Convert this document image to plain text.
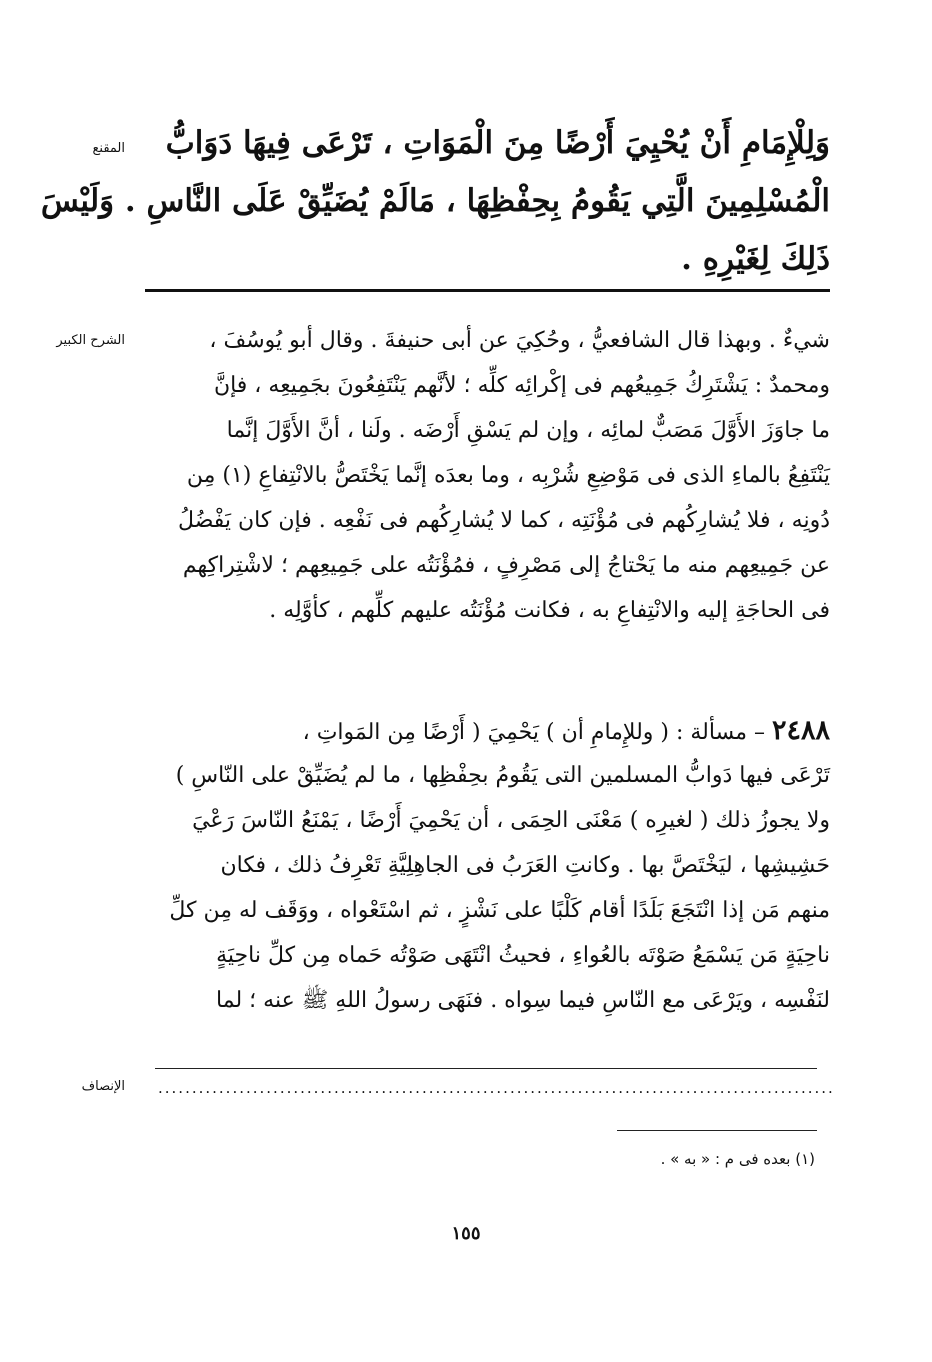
المقنع
الشرح الكبير
الإنصاف
وَلِلْإِمَامِ أَنْ يُحْيِيَ أَرْضًا مِنَ الْمَوَاتِ ، تَرْعَى فِيهَا دَوَابُّ
الْمُسْلِمِينَ الَّتِي يَقُومُ بِحِفْظِهَا ، مَالَمْ يُضَيِّقْ عَلَى النَّاسِ . وَلَيْسَ
ذَلِكَ لِغَيْرِهِ .
شيءٌ . وبهذا قال الشافعيُّ ، وحُكِيَ عن أبى حنيفةَ . وقال أبو يُوسُفَ ،
ومحمدٌ : يَشْتَرِكُ جَمِيعُهم فى إكْرائِه كلِّه ؛ لأنَّهم يَنْتَفِعُونَ بجَمِيعِه ، فإنَّ
ما جاوَزَ الأَوَّلَ مَصَبٌّ لمائِه ، وإن لم يَسْقِ أَرْضَه . ولَنا ، أنَّ الأَوَّلَ إنَّما
يَنْتَفِعُ بالماءِ الذى فى مَوْضِعِ شُرْبِه ، وما بعدَه إنَّما يَخْتَصُّ بالانْتِفاعِ (١) مِن
دُونِه ، فلا يُشارِكُهم فى مُؤْنَتِه ، كما لا يُشارِكُهم فى نَفْعِه . فإن كان يَفْضُلُ
عن جَمِيعِهم منه ما يَحْتاجُ إلى مَصْرِفٍ ، فمُؤْنَتُه على جَمِيعِهم ؛ لاشْتِراكِهم
فى الحاجَةِ إليه والانْتِفاعِ به ، فكانت مُؤْنَتُه عليهم كلِّهم ، كأوَّلِه .
٢٤٨٨ – مسألة : ( وللإِمامِ أن ) يَحْمِيَ ( أَرْضًا مِن المَواتِ ،
تَرْعَى فيها دَوابُّ المسلمين التى يَقُومُ بحِفْظِها ، ما لم يُضَيِّقْ على النّاسِ )
ولا يجوزُ ذلك ( لغيرِه ) مَعْنَى الحِمَى ، أن يَحْمِيَ أَرْضًا ، يَمْنَعُ النّاسَ رَعْيَ
حَشِيشِها ، ليَخْتَصَّ بها . وكانتِ العَرَبُ فى الجاهِلِيَّةِ تَعْرِفُ ذلك ، فكان
منهم مَن إذا انْتَجَعَ بَلَدًا أقام كَلْبًا على نَشْزٍ ، ثم اسْتَعْواه ، ووَقَف له مِن كلِّ
ناحِيَةٍ مَن يَسْمَعُ صَوْتَه بالعُواءِ ، فحيثُ انْتَهَى صَوْتُه حَماه مِن كلِّ ناحِيَةٍ
لنَفْسِه ، ويَرْعَى مع النّاسِ فيما سِواه . فنَهَى رسولُ اللهِ ﷺ عنه ؛ لما
....................................................................................................
(١) بعده فى م : « به » .
١٥٥
